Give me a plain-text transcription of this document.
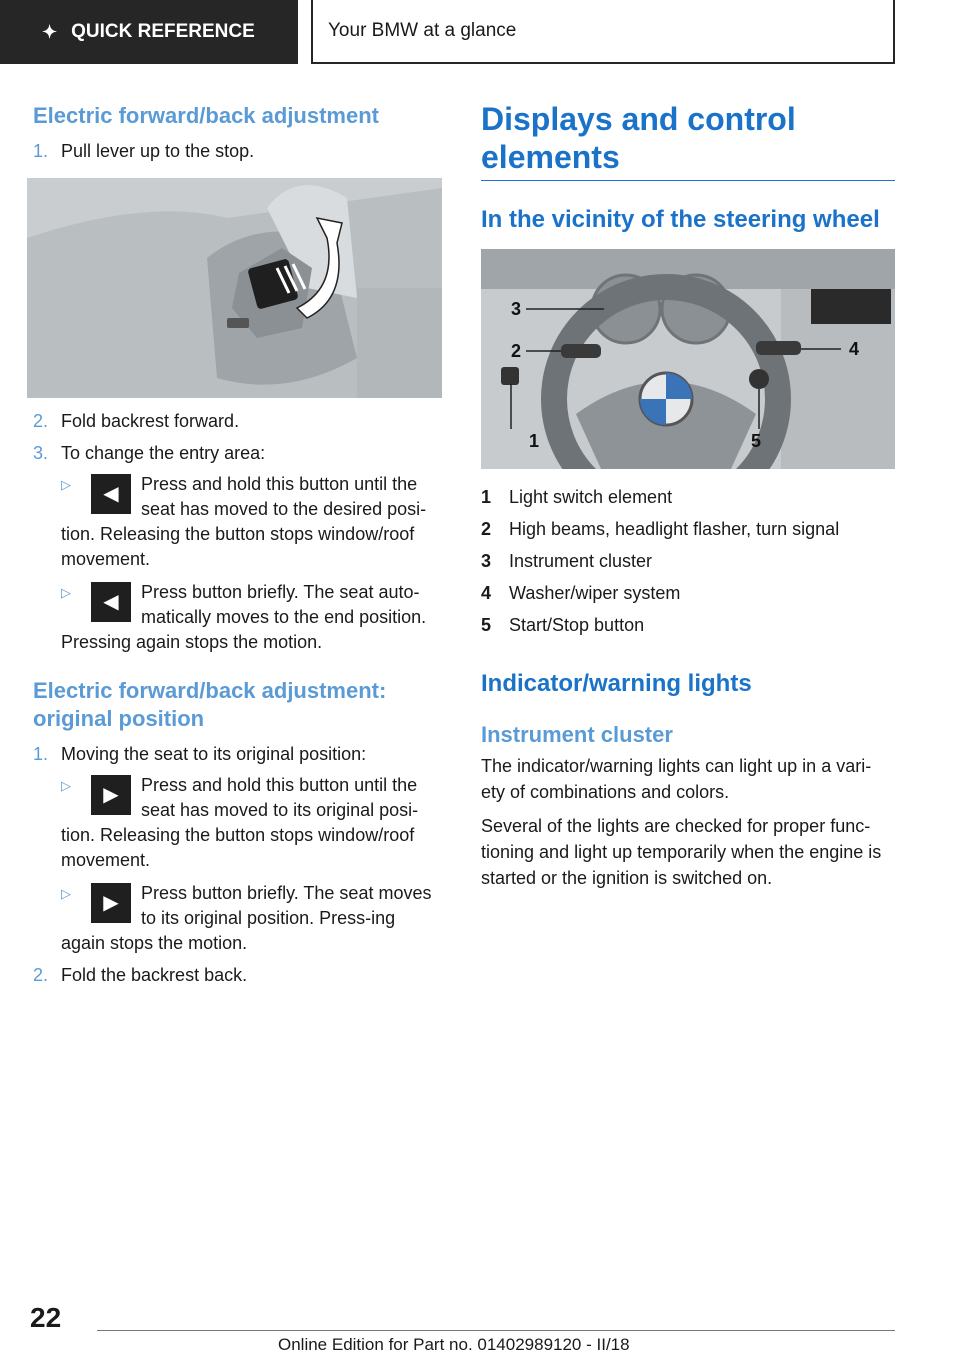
✦ QUICK REFERENCE	Your BMW at a glance
Electric forward/back adjustment
1. Pull lever up to the stop.
2. Fold backrest forward.
3. To change the entry area:
▷	◀	Press and hold this button until the seat has moved to the desired posi-tion. Releasing the button stops window/roof movement.

▷	◀	Press button briefly. The seat auto-matically moves to the end position. Pressing again stops the motion.

Electric forward/back adjustment: original position
1. Moving the seat to its original position:
▷	▶	Press and hold this button until the seat has moved to its original posi-tion. Releasing the button stops window/roof movement.

▷	▶	Press button briefly. The seat moves to its original position. Press-ing again stops the motion.

2. Fold the backrest back.
Displays and control elements
In the vicinity of the steering wheel
3
2	4
1	5
1 Light switch element
2 High beams, headlight flasher, turn signal
3 Instrument cluster
4 Washer/wiper system
5 Start/Stop button
Indicator/warning lights
Instrument cluster

The indicator/warning lights can light up in a vari-ety of combinations and colors.

Several of the lights are checked for proper func-tioning and light up temporarily when the engine is started or the ignition is switched on.

22
Online Edition for Part no. 01402989120 - II/18
